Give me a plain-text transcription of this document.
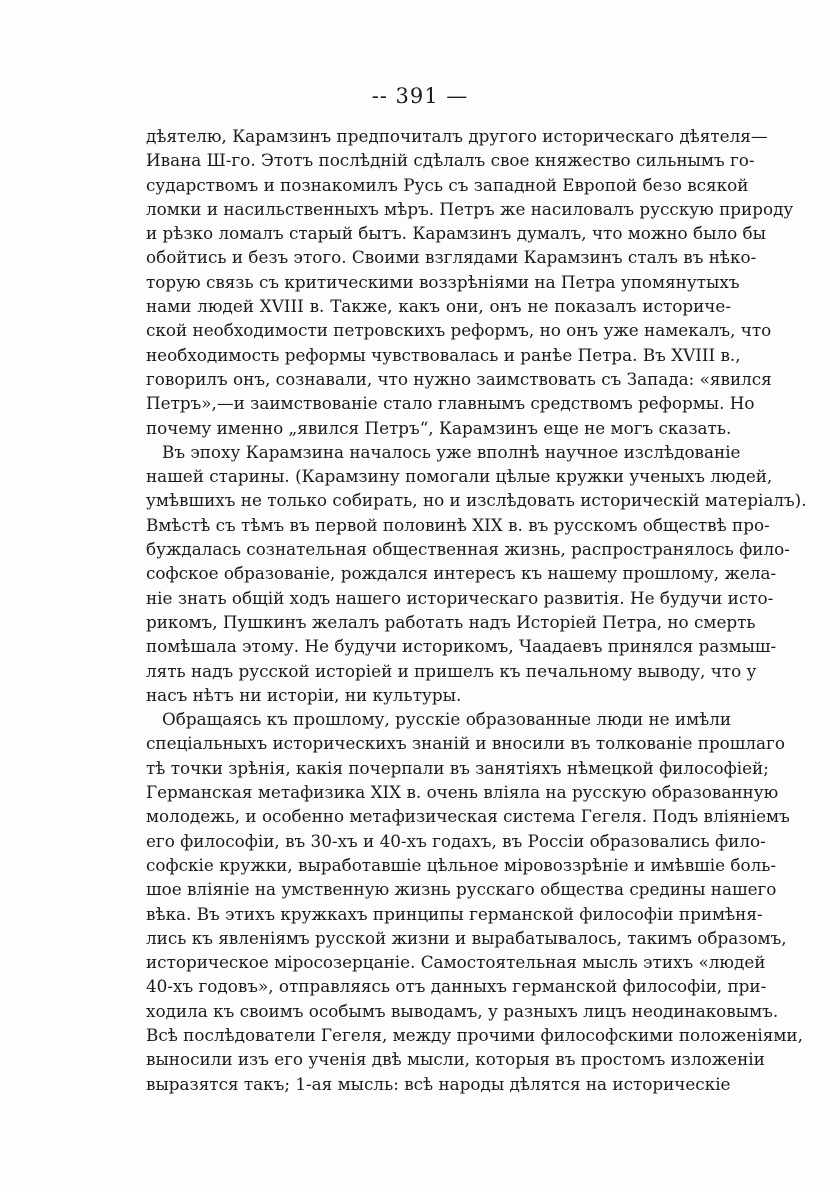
-- 391 —
дѣятелю, Карамзинъ предпочиталъ другого историческаго дѣятеля—
Ивана Ш-го. Этотъ послѣднiй сдѣлалъ свое княжество сильнымъ го-
сударствомъ и познакомилъ Русь съ западной Европой безо всякой
ломки и насильственныхъ мѣръ. Петръ же насиловалъ русскую природу
и рѣзко ломалъ старый бытъ. Карамзинъ думалъ, что можно было бы
обойтись и безъ этого. Своими взглядами Карамзинъ сталъ въ нѣко-
торую связь съ критическими воззрѣнiями на Петра упомянутыхъ
нами людей XVIII в. Также, какъ они, онъ не показалъ историче-
ской необходимости петровскихъ реформъ, но онъ уже намекалъ, что
необходимость реформы чувствовалась и ранѣе Петра. Въ XVIII в.,
говорилъ онъ, сознавали, что нужно заимствовать съ Запада: «явился
Петръ»,—и заимствованiе стало главнымъ средствомъ реформы. Но
почему именно „явился Петръ“, Карамзинъ еще не могъ сказать.
Въ эпоху Карамзина началось уже вполнѣ научное изслѣдованiе
нашей старины. (Карамзину помогали цѣлые кружки ученыхъ людей,
умѣвшихъ не только собирать, но и изслѣдовать историческiй матерiалъ).
Вмѣстѣ съ тѣмъ въ первой половинѣ XIX в. въ русскомъ обществѣ про-
буждалась сознательная общественная жизнь, распространялось фило-
софское образованiе, рождался интересъ къ нашему прошлому, жела-
нiе знать общiй ходъ нашего историческаго развитiя. Не будучи исто-
рикомъ, Пушкинъ желалъ работать надъ Исторiей Петра, но смерть
помѣшала этому. Не будучи историкомъ, Чаадаевъ принялся размыш-
лять надъ русской исторiей и пришелъ къ печальному выводу, что у
насъ нѣтъ ни исторiи, ни культуры.
Обращаясь къ прошлому, русскiе образованные люди не имѣли
спецiальныхъ историческихъ знанiй и вносили въ толкованiе прошлаго
тѣ точки зрѣнiя, какiя почерпали въ занятiяхъ нѣмецкой философiей;
Германская метафизика XIX в. очень влiяла на русскую образованную
молодежь, и особенно метафизическая система Гегеля. Подъ влiянiемъ
его философiи, въ 30-хъ и 40-хъ годахъ, въ Россiи образовались фило-
софскiе кружки, выработавшiе цѣльное мiровоззрѣнiе и имѣвшiе боль-
шое влiянiе на умственную жизнь русскаго общества средины нашего
вѣка. Въ этихъ кружкахъ принципы германской философiи примѣня-
лись къ явленiямъ русской жизни и вырабатывалось, такимъ образомъ,
историческое мiросозерцанiе. Самостоятельная мысль этихъ «людей
40-хъ годовъ», отправляясь отъ данныхъ германской философiи, при-
ходила къ своимъ особымъ выводамъ, у разныхъ лицъ неодинаковымъ.
Всѣ послѣдователи Гегеля, между прочими философскими положенiями,
выносили изъ его ученiя двѣ мысли, которыя въ простомъ изложенiи
выразятся такъ; 1-ая мысль: всѣ народы дѣлятся на историческiе
